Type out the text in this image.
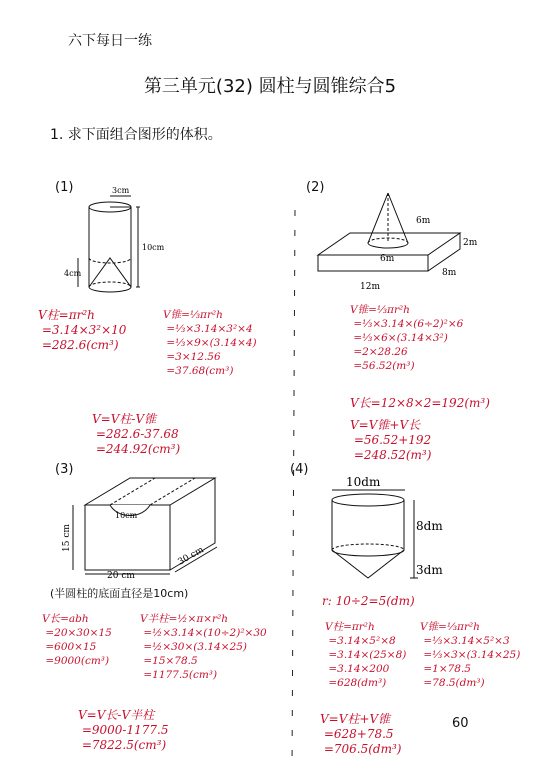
六下每日一练
第三单元(32) 圆柱与圆锥综合5
1. 求下面组合图形的体积。
(1)	3cm
10cm
4cm
(2)
6m
6m
2m
8m
12m
V柱=πr²h
=3.14×3²×10
=282.6(cm³)
V锥=⅓πr²h
=⅓×3.14×3²×4
=⅓×9×(3.14×4)
=3×12.56
=37.68(cm³)
V=V柱-V锥
=282.6-37.68
=244.92(cm³)
V锥=⅓πr²h
=⅓×3.14×(6÷2)²×6
=⅓×6×(3.14×3²)
=2×28.26
=56.52(m³)
V长=12×8×2=192(m³)
V=V锥+V长
=56.52+192
=248.52(m³)
(3)
10cm
15 cm
20 cm
30 cm
(半圆柱的底面直径是10cm)
(4)
10dm
8dm
3dm
V长=abh
=20×30×15
=600×15
=9000(cm³)
V半柱=½×π×r²h
=½×3.14×(10÷2)²×30
=½×30×(3.14×25)
=15×78.5
=1177.5(cm³)
V=V长-V半柱
=9000-1177.5
=7822.5(cm³)
r: 10÷2=5(dm)
V柱=πr²h
=3.14×5²×8
=3.14×(25×8)
=3.14×200
=628(dm³)
V锥=⅓πr²h
=⅓×3.14×5²×3
=⅓×3×(3.14×25)
=1×78.5
=78.5(dm³)
V=V柱+V锥
=628+78.5
=706.5(dm³)
60
